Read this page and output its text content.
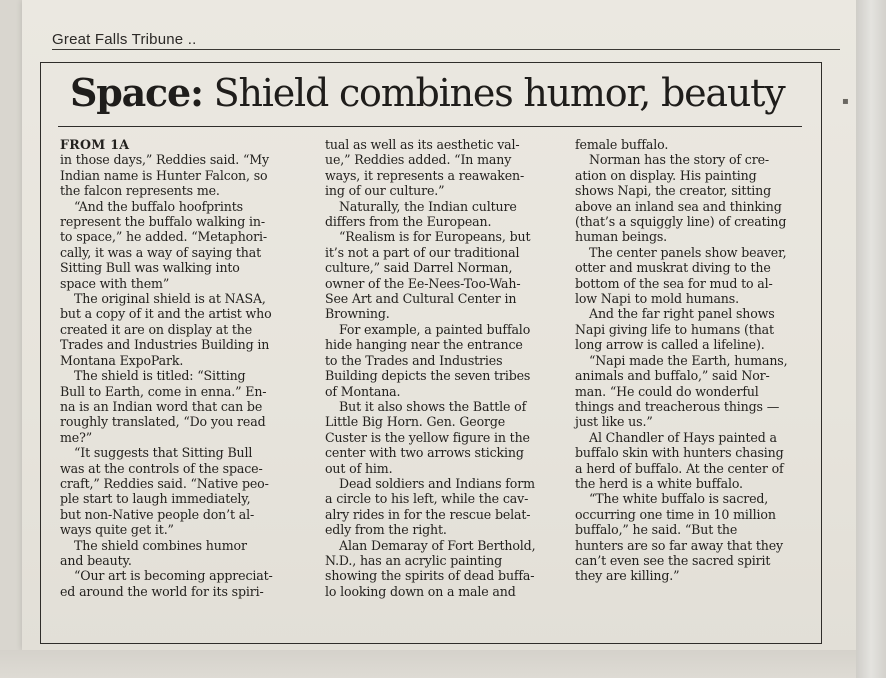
Great Falls Tribune ..
Space: Shield combines humor, beauty
FROM 1A
in those days,” Reddies said. “My
Indian name is Hunter Falcon, so
the falcon represents me.
“And the buffalo hoofprints
represent the buffalo walking in-
to space,” he added. “Metaphori-
cally, it was a way of saying that
Sitting Bull was walking into
space with them”
The original shield is at NASA,
but a copy of it and the artist who
created it are on display at the
Trades and Industries Building in
Montana ExpoPark.
The shield is titled: “Sitting
Bull to Earth, come in enna.” En-
na is an Indian word that can be
roughly translated, “Do you read
me?”
“It suggests that Sitting Bull
was at the controls of the space-
craft,” Reddies said. “Native peo-
ple start to laugh immediately,
but non-Native people don’t al-
ways quite get it.”
The shield combines humor
and beauty.
“Our art is becoming appreciat-
ed around the world for its spiri-
tual as well as its aesthetic val-
ue,” Reddies added. “In many
ways, it represents a reawaken-
ing of our culture.”
Naturally, the Indian culture
differs from the European.
“Realism is for Europeans, but
it’s not a part of our traditional
culture,” said Darrel Norman,
owner of the Ee-Nees-Too-Wah-
See Art and Cultural Center in
Browning.
For example, a painted buffalo
hide hanging near the entrance
to the Trades and Industries
Building depicts the seven tribes
of Montana.
But it also shows the Battle of
Little Big Horn. Gen. George
Custer is the yellow figure in the
center with two arrows sticking
out of him.
Dead soldiers and Indians form
a circle to his left, while the cav-
alry rides in for the rescue belat-
edly from the right.
Alan Demaray of Fort Berthold,
N.D., has an acrylic painting
showing the spirits of dead buffa-
lo looking down on a male and
female buffalo.
Norman has the story of cre-
ation on display. His painting
shows Napi, the creator, sitting
above an inland sea and thinking
(that’s a squiggly line) of creating
human beings.
The center panels show beaver,
otter and muskrat diving to the
bottom of the sea for mud to al-
low Napi to mold humans.
And the far right panel shows
Napi giving life to humans (that
long arrow is called a lifeline).
“Napi made the Earth, humans,
animals and buffalo,” said Nor-
man. “He could do wonderful
things and treacherous things —
just like us.”
Al Chandler of Hays painted a
buffalo skin with hunters chasing
a herd of buffalo. At the center of
the herd is a white buffalo.
“The white buffalo is sacred,
occurring one time in 10 million
buffalo,” he said. “But the
hunters are so far away that they
can’t even see the sacred spirit
they are killing.”
▪
